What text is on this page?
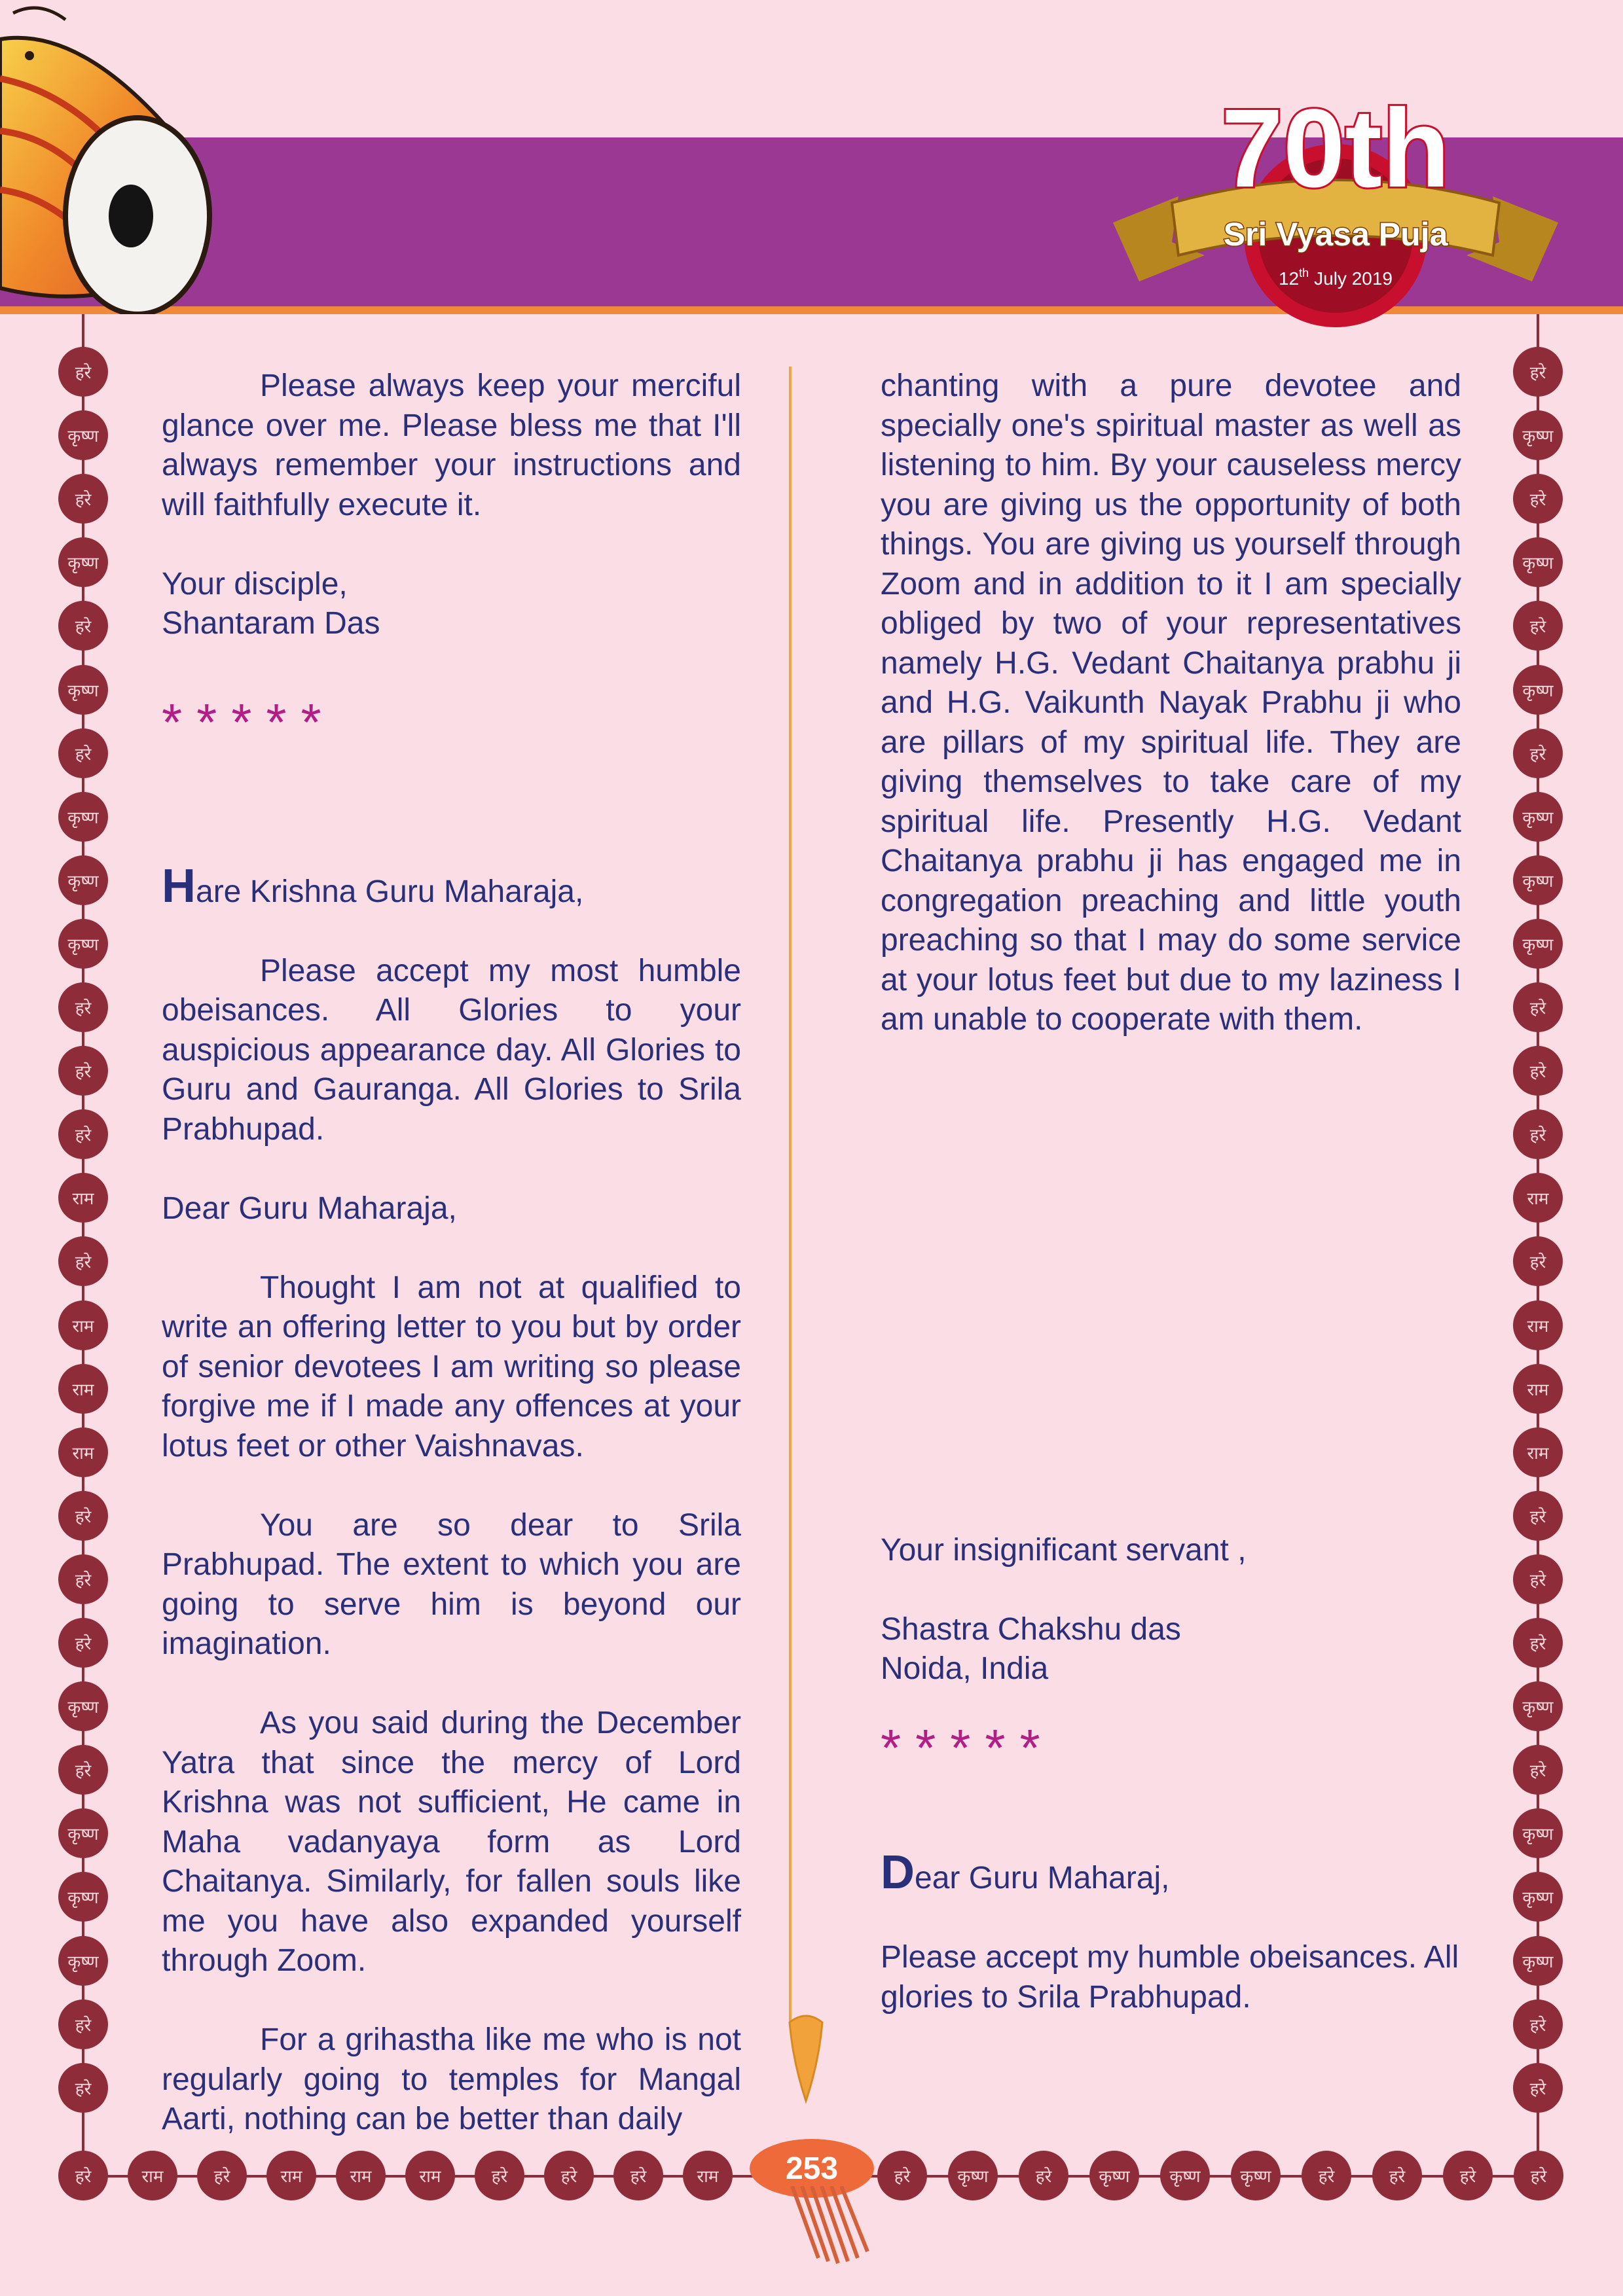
70th
Sri Vyasa Puja
12th July 2019
हरे
कृष्ण
हरे
कृष्ण
हरे
कृष्ण
हरे
कृष्ण
कृष्ण
कृष्ण
हरे
हरे
हरे
राम
हरे
राम
राम
राम
हरे
हरे
हरे
कृष्ण
हरे
कृष्ण
कृष्ण
कृष्ण
हरे
हरे
हरे
कृष्ण
हरे
कृष्ण
हरे
कृष्ण
हरे
कृष्ण
कृष्ण
कृष्ण
हरे
हरे
हरे
राम
हरे
राम
राम
राम
हरे
हरे
हरे
कृष्ण
हरे
कृष्ण
कृष्ण
कृष्ण
हरे
हरे
हरे	राम	हरे	राम	राम	राम	हरे	हरे	हरे	राम	हरे	कृष्ण	हरे	कृष्ण	कृष्ण	कृष्ण	हरे	हरे	हरे	हरे

Please always keep your merciful glance over me. Please bless me that I'll always remember your instructions and will faithfully execute it.

Your disciple,

Shantaram Das

*****

Hare Krishna Guru Maharaja,

Please accept my most humble obeisances. All Glories to your auspicious appearance day. All Glories to Guru and Gauranga. All Glories to Srila Prabhupad.

Dear Guru Maharaja,

Thought I am not at qualified to write an offering letter to you but by order of senior devotees I am writing so please forgive me if I made any offences at your lotus feet or other Vaishnavas.

You are so dear to Srila Prabhupad. The extent to which you are going to serve him is beyond our imagination.

As you said during the December Yatra that since the mercy of Lord Krishna was not sufficient, He came in Maha vadanyaya form as Lord Chaitanya. Similarly, for fallen souls like me you have also expanded yourself through Zoom.

For a grihastha like me who is not regularly going to temples for Mangal Aarti, nothing can be better than daily

chanting with a pure devotee and specially one's spiritual master as well as listening to him. By your causeless mercy you are giving us the opportunity of both things. You are giving us yourself through Zoom and in addition to it I am specially obliged by two of your representatives namely H.G. Vedant Chaitanya prabhu ji and H.G. Vaikunth Nayak Prabhu ji who are pillars of my spiritual life. They are giving themselves to take care of my spiritual life. Presently H.G. Vedant Chaitanya prabhu ji has engaged me in congregation preaching and little youth preaching so that I may do some service at your lotus feet but due to my laziness I am unable to cooperate with them.

Your insignificant servant ,

Shastra Chakshu das

Noida, India

*****

Dear Guru Maharaj,

Please accept my humble obeisances. All glories to Srila Prabhupad.

253
